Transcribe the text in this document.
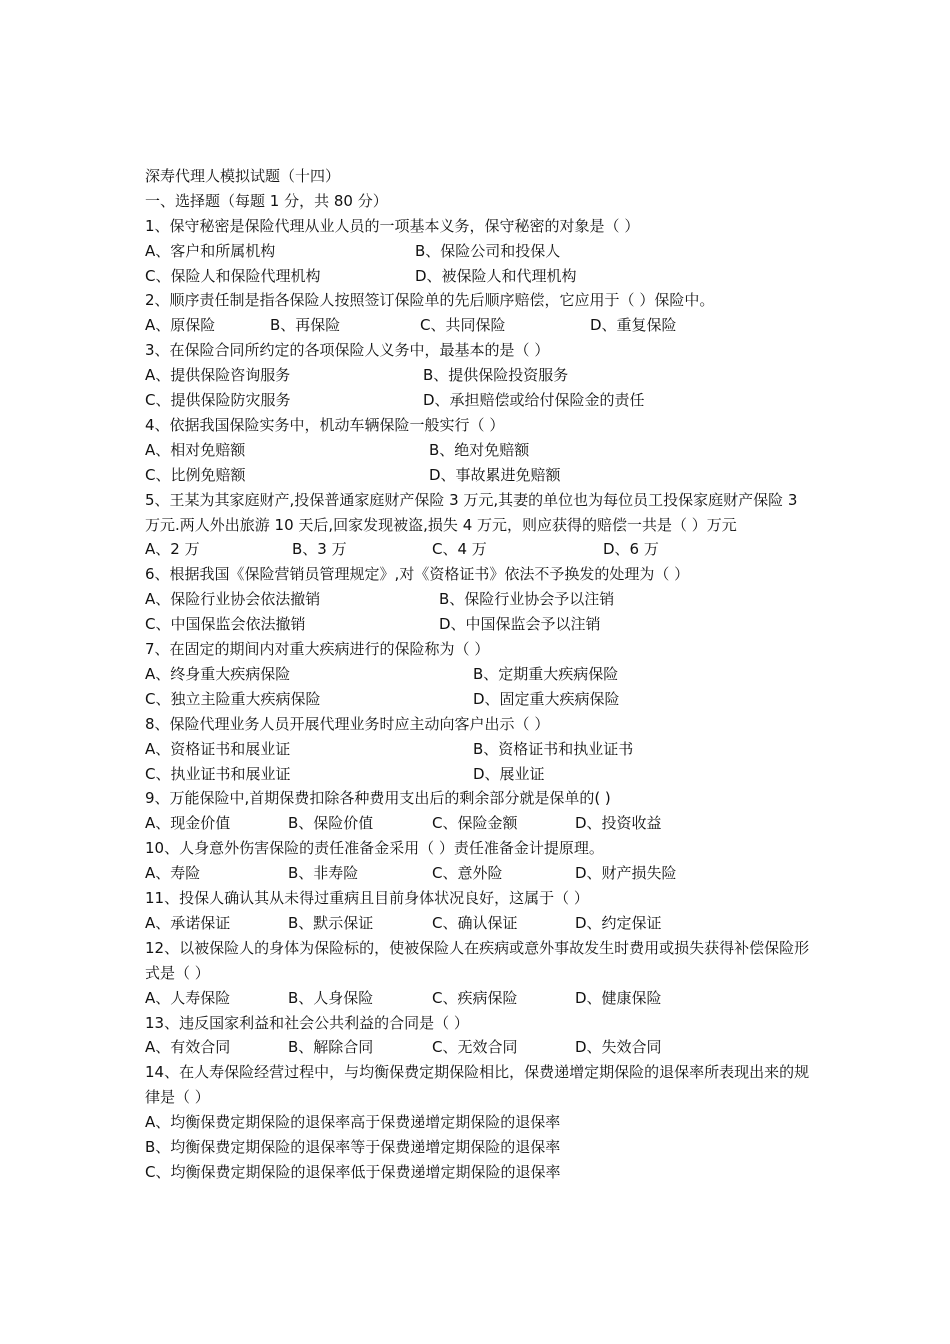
深寿代理人模拟试题（十四）
一、选择题（每题 1 分，共 80 分）
1、保守秘密是保险代理从业人员的一项基本义务，保守秘密的对象是（ ）
A、客户和所属机构	B、保险公司和投保人
C、保险人和保险代理机构	D、被保险人和代理机构
2、顺序责任制是指各保险人按照签订保险单的先后顺序赔偿，它应用于（ ）保险中。
A、原保险	B、再保险	C、共同保险	D、重复保险
3、在保险合同所约定的各项保险人义务中，最基本的是（ ）
A、提供保险咨询服务	B、提供保险投资服务
C、提供保险防灾服务	D、承担赔偿或给付保险金的责任
4、依据我国保险实务中，机动车辆保险一般实行（ ）
A、相对免赔额	B、绝对免赔额
C、比例免赔额	D、事故累进免赔额
5、王某为其家庭财产,投保普通家庭财产保险 3 万元,其妻的单位也为每位员工投保家庭财产保险 3 万元.两人外出旅游 10 天后,回家发现被盗,损失 4 万元，则应获得的赔偿一共是（ ）万元
A、2 万	B、3 万	C、4 万	D、6 万
6、根据我国《保险营销员管理规定》,对《资格证书》依法不予换发的处理为（ ）
A、保险行业协会依法撤销	B、保险行业协会予以注销
C、中国保监会依法撤销	D、中国保监会予以注销
7、在固定的期间内对重大疾病进行的保险称为（ ）
A、终身重大疾病保险	B、定期重大疾病保险
C、独立主险重大疾病保险	D、固定重大疾病保险
8、保险代理业务人员开展代理业务时应主动向客户出示（ ）
A、资格证书和展业证	B、资格证书和执业证书
C、执业证书和展业证	D、展业证
9、万能保险中,首期保费扣除各种费用支出后的剩余部分就是保单的( )
A、现金价值	B、保险价值	C、保险金额	D、投资收益
10、人身意外伤害保险的责任准备金采用（ ）责任准备金计提原理。
A、寿险	B、非寿险	C、意外险	D、财产损失险
11、投保人确认其从未得过重病且目前身体状况良好，这属于（ ）
A、承诺保证	B、默示保证	C、确认保证	D、约定保证
12、以被保险人的身体为保险标的，使被保险人在疾病或意外事故发生时费用或损失获得补偿保险形式是（ ）
A、人寿保险	B、人身保险	C、疾病保险	D、健康保险
13、违反国家利益和社会公共利益的合同是（ ）
A、有效合同	B、解除合同	C、无效合同	D、失效合同
14、在人寿保险经营过程中，与均衡保费定期保险相比，保费递增定期保险的退保率所表现出来的规律是（ ）
A、均衡保费定期保险的退保率高于保费递增定期保险的退保率
B、均衡保费定期保险的退保率等于保费递增定期保险的退保率
C、均衡保费定期保险的退保率低于保费递增定期保险的退保率
